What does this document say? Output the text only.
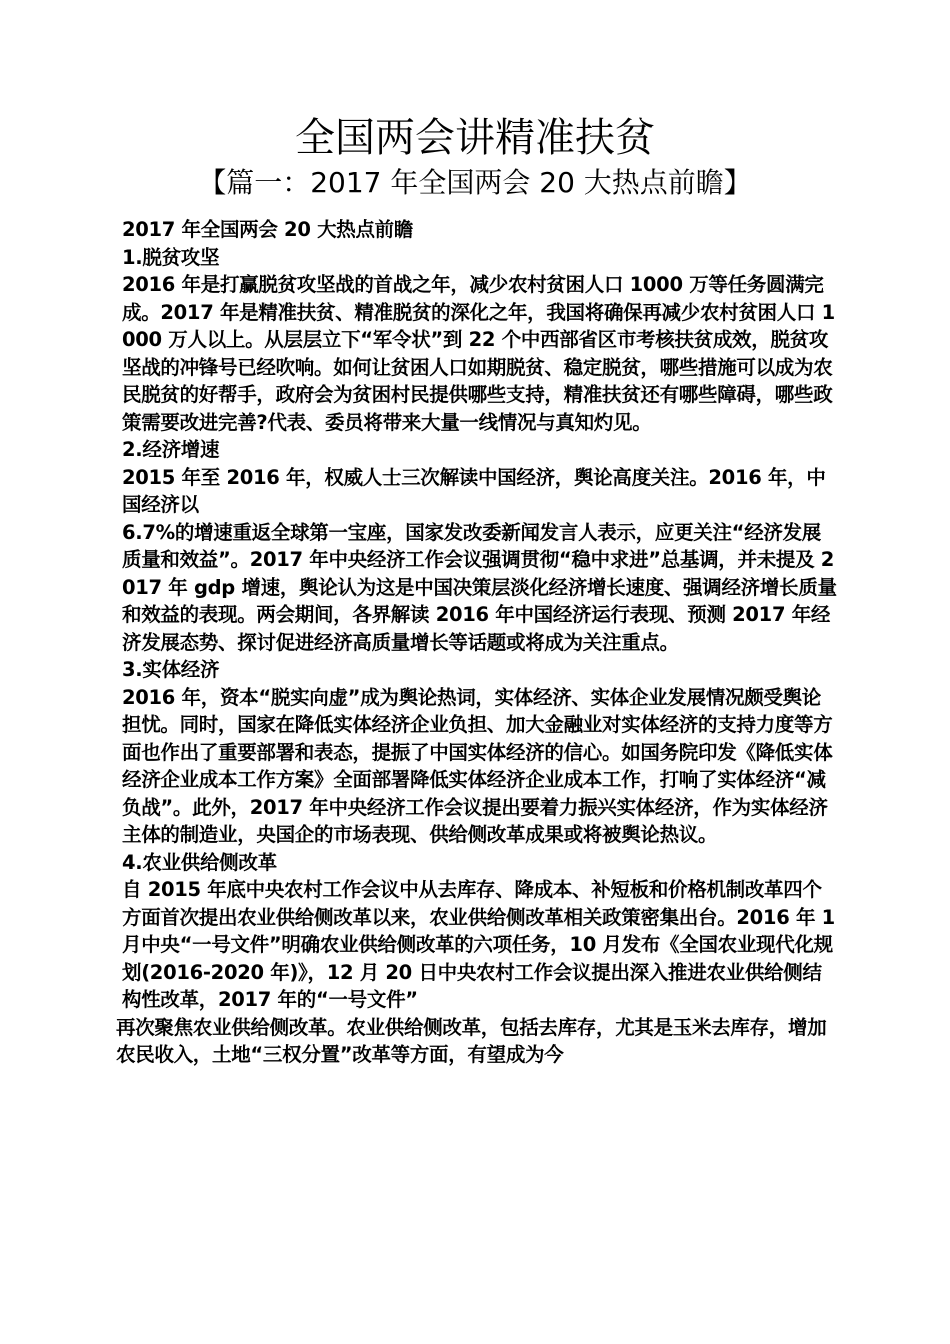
全国两会讲精准扶贫
【篇一：2017 年全国两会 20 大热点前瞻】

2017 年全国两会 20 大热点前瞻

1.脱贫攻坚

2016 年是打赢脱贫攻坚战的首战之年，减少农村贫困人口 1000 万等任务圆满完成。2017 年是精准扶贫、精准脱贫的深化之年，我国将确保再减少农村贫困人口 1000 万人以上。从层层立下“军令状”到 22 个中西部省区市考核扶贫成效，脱贫攻坚战的冲锋号已经吹响。如何让贫困人口如期脱贫、稳定脱贫，哪些措施可以成为农民脱贫的好帮手，政府会为贫困村民提供哪些支持，精准扶贫还有哪些障碍，哪些政策需要改进完善?代表、委员将带来大量一线情况与真知灼见。

2.经济增速

2015 年至 2016 年，权威人士三次解读中国经济，舆论高度关注。2016 年，中国经济以

6.7%的增速重返全球第一宝座，国家发改委新闻发言人表示，应更关注“经济发展质量和效益”。2017 年中央经济工作会议强调贯彻“稳中求进”总基调，并未提及 2017 年 gdp 增速，舆论认为这是中国决策层淡化经济增长速度、强调经济增长质量和效益的表现。两会期间，各界解读 2016 年中国经济运行表现、预测 2017 年经济发展态势、探讨促进经济高质量增长等话题或将成为关注重点。

3.实体经济

2016 年，资本“脱实向虚”成为舆论热词，实体经济、实体企业发展情况颇受舆论担忧。同时，国家在降低实体经济企业负担、加大金融业对实体经济的支持力度等方面也作出了重要部署和表态，提振了中国实体经济的信心。如国务院印发《降低实体经济企业成本工作方案》全面部署降低实体经济企业成本工作，打响了实体经济“减负战”。此外，2017 年中央经济工作会议提出要着力振兴实体经济，作为实体经济主体的制造业，央国企的市场表现、供给侧改革成果或将被舆论热议。

4.农业供给侧改革

自 2015 年底中央农村工作会议中从去库存、降成本、补短板和价格机制改革四个方面首次提出农业供给侧改革以来，农业供给侧改革相关政策密集出台。2016 年 1 月中央“一号文件”明确农业供给侧改革的六项任务，10 月发布《全国农业现代化规划(2016-2020 年)》，12 月 20 日中央农村工作会议提出深入推进农业供给侧结构性改革，2017 年的“一号文件”

再次聚焦农业供给侧改革。农业供给侧改革，包括去库存，尤其是玉米去库存，增加农民收入，土地“三权分置”改革等方面，有望成为今
